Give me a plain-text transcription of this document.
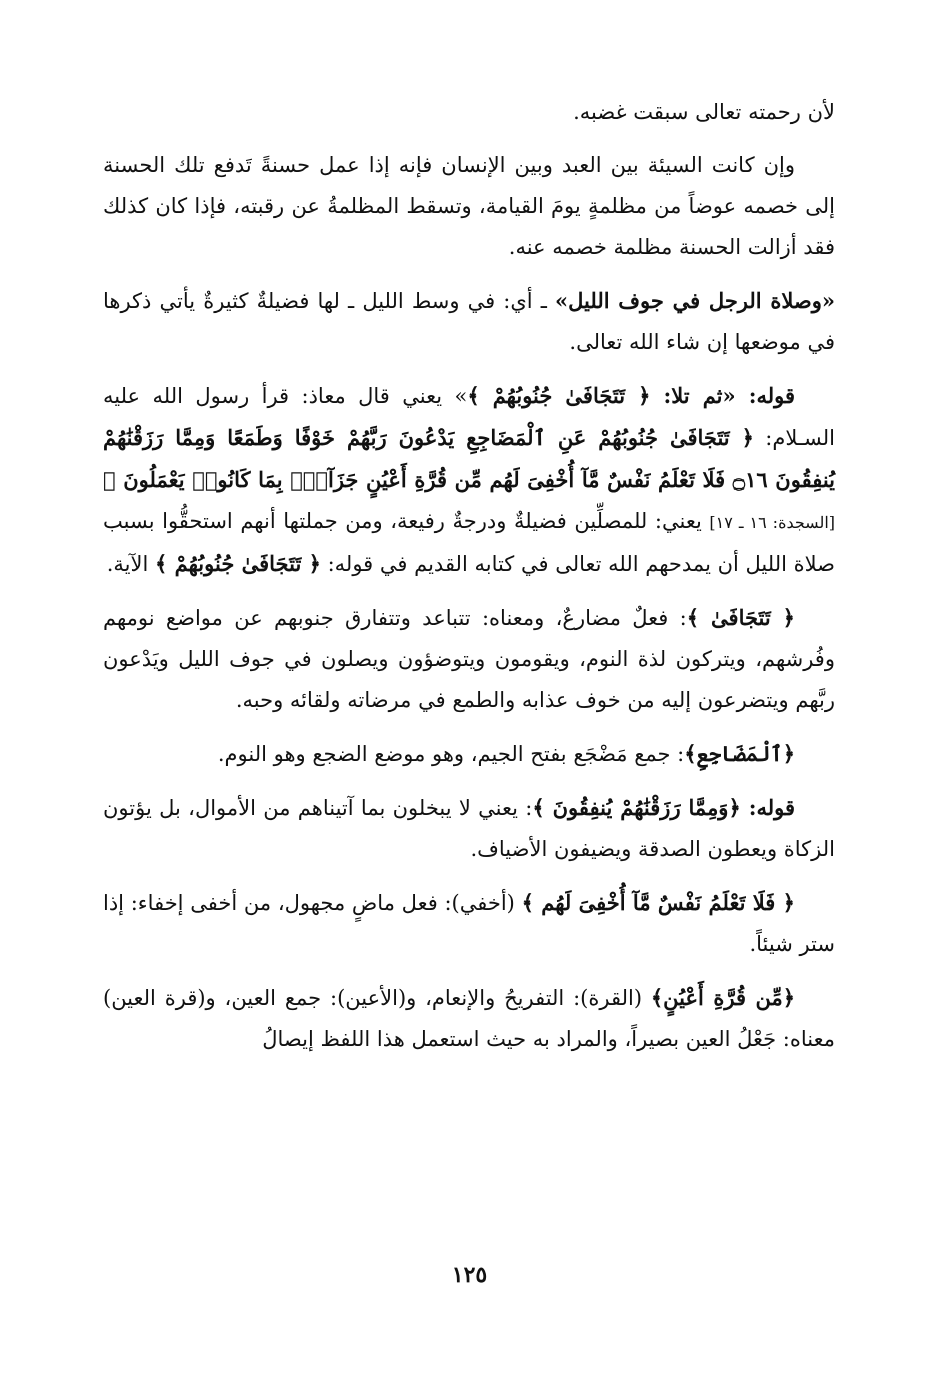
لأن رحمته تعالى سبقت غضبه.

وإن كانت السيئة بين العبد وبين الإنسان فإنه إذا عمل حسنةً تَدفع تلك الحسنة إلى خصمه عوضاً من مظلمةٍ يومَ القيامة، وتسقط المظلمةُ عن رقبته، فإذا كان كذلك فقد أزالت الحسنة مظلمة خصمه عنه.

«وصلاة الرجل في جوف الليل» ـ أي: في وسط الليل ـ لها فضيلةٌ كثيرةٌ يأتي ذكرها في موضعها إن شاء الله تعالى.

قوله: «ثم تلا: ﴿ تَتَجَافَىٰ جُنُوبُهُمْ ﴾» يعني قال معاذ: قرأ رسول الله عليه السـلام: ﴿ تَتَجَافَىٰ جُنُوبُهُمْ عَنِ ٱلْمَضَاجِعِ يَدْعُونَ رَبَّهُمْ خَوْفًا وَطَمَعًا وَمِمَّا رَزَقْنَٰهُمْ يُنفِقُونَ ۝١٦ فَلَا تَعْلَمُ نَفْسٌ مَّآ أُخْفِىَ لَهُم مِّن قُرَّةِ أَعْيُنٍ جَزَآءًۢ بِمَا كَانُوا۟ يَعْمَلُونَ ﴾[السجدة: ١٦ ـ ١٧] يعني: للمصلِّين فضيلةٌ ودرجةٌ رفيعة، ومن جملتها أنهم استحقُّوا بسبب صلاة الليل أن يمدحهم الله تعالى في كتابه القديم في قوله: ﴿ تَتَجَافَىٰ جُنُوبُهُمْ ﴾ الآية.

﴿ تَتَجَافَىٰ ﴾: فعلٌ مضارعٌ، ومعناه: تتباعد وتتفارق جنوبهم عن مواضع نومهم وفُرشهم، ويتركون لذة النوم، ويقومون ويتوضؤون ويصلون في جوف الليل ويَدْعون ربَّهم ويتضرعون إليه من خوف عذابه والطمع في مرضاته ولقائه وحبه.

﴿ٱلْمَضَاجِعِ﴾: جمع مَضْجَع بفتح الجيم، وهو موضع الضجع وهو النوم.

قوله: ﴿وَمِمَّا رَزَقْنَٰهُمْ يُنفِقُونَ ﴾: يعني لا يبخلون بما آتيناهم من الأموال، بل يؤتون الزكاة ويعطون الصدقة ويضيفون الأضياف.

﴿ فَلَا تَعْلَمُ نَفْسٌ مَّآ أُخْفِىَ لَهُم ﴾ (أخفي): فعل ماضٍ مجهول، من أخفى إخفاء: إذا ستر شيئاً.

﴿مِّن قُرَّةِ أَعْيُنٍ﴾ (القرة): التفريحُ والإنعام، و(الأعين): جمع العين، و(قرة العين) معناه: جَعْلُ العين بصيراً، والمراد به حيث استعمل هذا اللفظ إيصالُ

١٢٥
